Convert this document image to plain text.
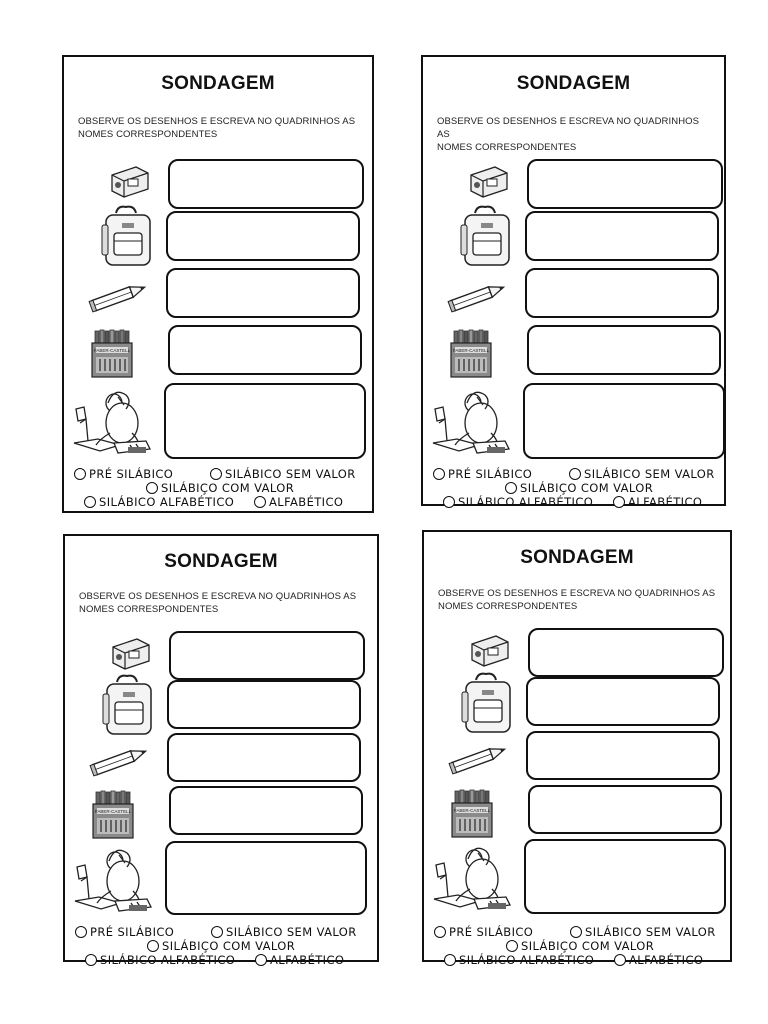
SONDAGEM
OBSERVE OS DESENHOS E ESCREVA NO QUADRINHOS AS
NOMES CORRESPONDENTES
FABER-CASTELL
PRÉ SILÁBICO	SILÁBICO SEM VALOR
SILÁBIÇO COM VALOR
SILÁBICO ALFABÉTICO	ALFABÉTICO
SONDAGEM
OBSERVE OS DESENHOS E ESCREVA NO QUADRINHOS AS
NOMES CORRESPONDENTES
FABER-CASTELL
PRÉ SILÁBICO	SILÁBICO SEM VALOR
SILÁBIÇO COM VALOR
SILÁBICO ALFABÉTICO	ALFABÉTICO
SONDAGEM
OBSERVE OS DESENHOS E ESCREVA NO QUADRINHOS AS
NOMES CORRESPONDENTES
FABER-CASTELL
PRÉ SILÁBICO	SILÁBICO SEM VALOR
SILÁBIÇO COM VALOR
SILÁBICO ALFABÉTICO	ALFABÉTICO
SONDAGEM
OBSERVE OS DESENHOS E ESCREVA NO QUADRINHOS AS
NOMES CORRESPONDENTES
FABER-CASTELL
PRÉ SILÁBICO	SILÁBICO SEM VALOR
SILÁBIÇO COM VALOR
SILÁBICO ALFABÉTICO	ALFABÉTICO
